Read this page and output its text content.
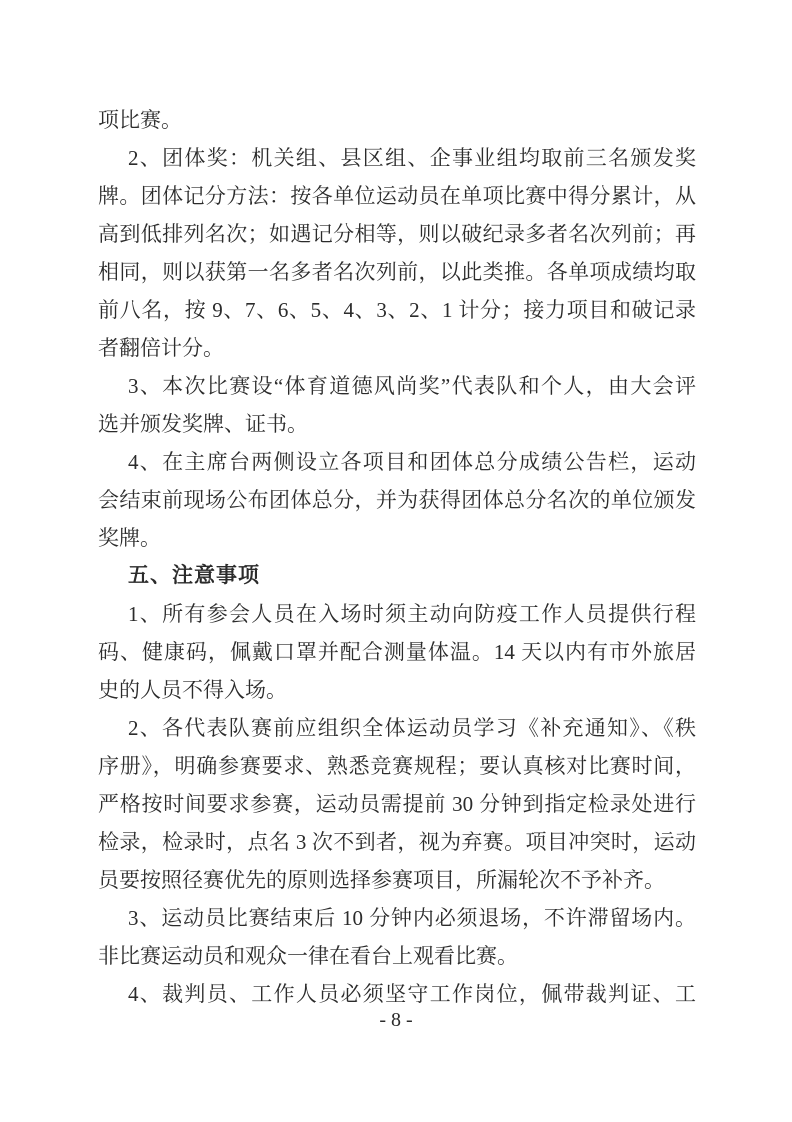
项比赛。
2、团体奖：机关组、县区组、企事业组均取前三名颁发奖
牌。团体记分方法：按各单位运动员在单项比赛中得分累计，从
高到低排列名次；如遇记分相等，则以破纪录多者名次列前；再
相同，则以获第一名多者名次列前，以此类推。各单项成绩均取
前八名，按 9、7、6、5、4、3、2、1 计分；接力项目和破记录
者翻倍计分。
3、本次比赛设“体育道德风尚奖”代表队和个人，由大会评
选并颁发奖牌、证书。
4、在主席台两侧设立各项目和团体总分成绩公告栏，运动
会结束前现场公布团体总分，并为获得团体总分名次的单位颁发
奖牌。
五、注意事项
1、所有参会人员在入场时须主动向防疫工作人员提供行程
码、健康码，佩戴口罩并配合测量体温。14 天以内有市外旅居
史的人员不得入场。
2、各代表队赛前应组织全体运动员学习《补充通知》、《秩
序册》，明确参赛要求、熟悉竞赛规程；要认真核对比赛时间，
严格按时间要求参赛，运动员需提前 30 分钟到指定检录处进行
检录，检录时，点名 3 次不到者，视为弃赛。项目冲突时，运动
员要按照径赛优先的原则选择参赛项目，所漏轮次不予补齐。
3、运动员比赛结束后 10 分钟内必须退场，不许滞留场内。
非比赛运动员和观众一律在看台上观看比赛。
4、裁判员、工作人员必须坚守工作岗位，佩带裁判证、工
- 8 -
